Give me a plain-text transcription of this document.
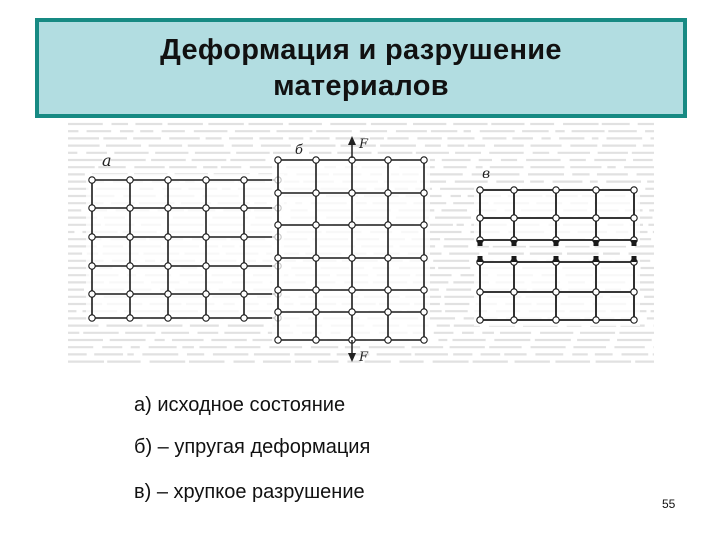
Деформация и разрушение
материалов
а
б
в
F
F
а) исходное состояние
б) – упругая деформация
в) – хрупкое разрушение
55
